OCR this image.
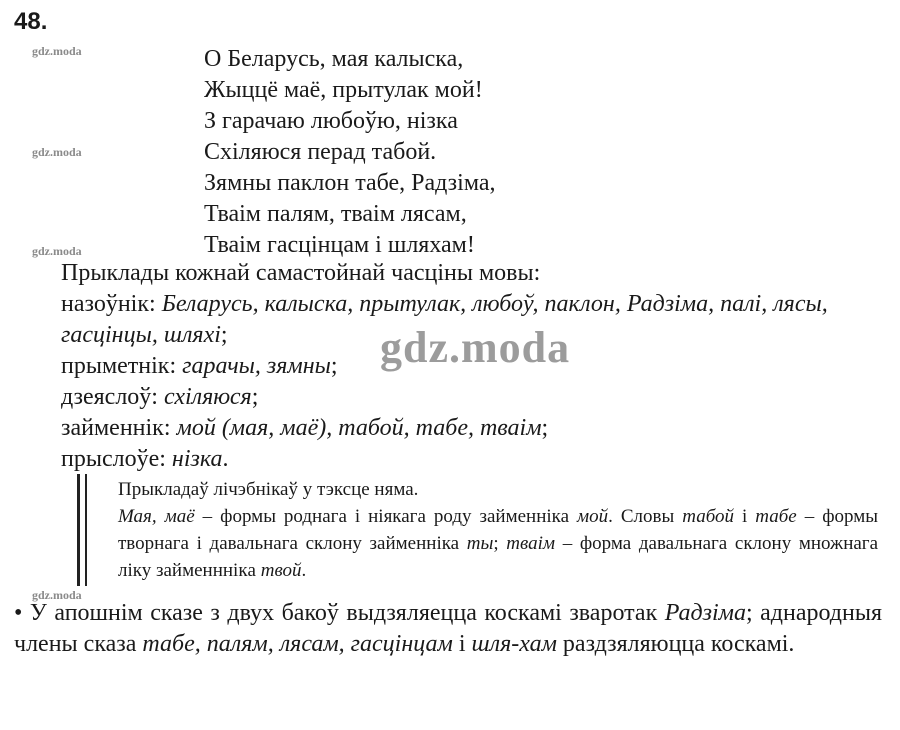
48.
gdz.moda
gdz.moda
gdz.moda
gdz.moda
О Беларусь, мая калыска,
Жыццё маё, прытулак мой!
З гарачаю любоўю, нізка
Схіляюся перад табой.
Зямны паклон табе, Радзіма,
Тваім палям, тваім лясам,
Тваім гасцінцам і шляхам!
Прыклады кожнай самастойнай часціны мовы:
назоўнік: Беларусь, калыска, прытулак, любоў, паклон, Радзіма, палі, лясы, гасцінцы, шляхі;
прыметнік: гарачы, зямны;
дзеяслоў: схіляюся;
займеннік: мой (мая, маё), табой, табе, тваім;
прыслоўе: нізка.
gdz.moda
Прыкладаў лічэбнікаў у тэксце няма.
Мая, маё – формы роднага і ніякага роду займенніка мой. Словы табой і табе – формы творнага і давальнага склону займенніка ты; тваім – форма давальнага склону множнага ліку займенннікa твой.
• У апошнім сказе з двух бакоў выдзяляецца коскамі зваротак Радзіма; аднародныя члены сказа табе, палям, лясам, гасцінцам і шля-хам раздзяляюцца коскамі.
